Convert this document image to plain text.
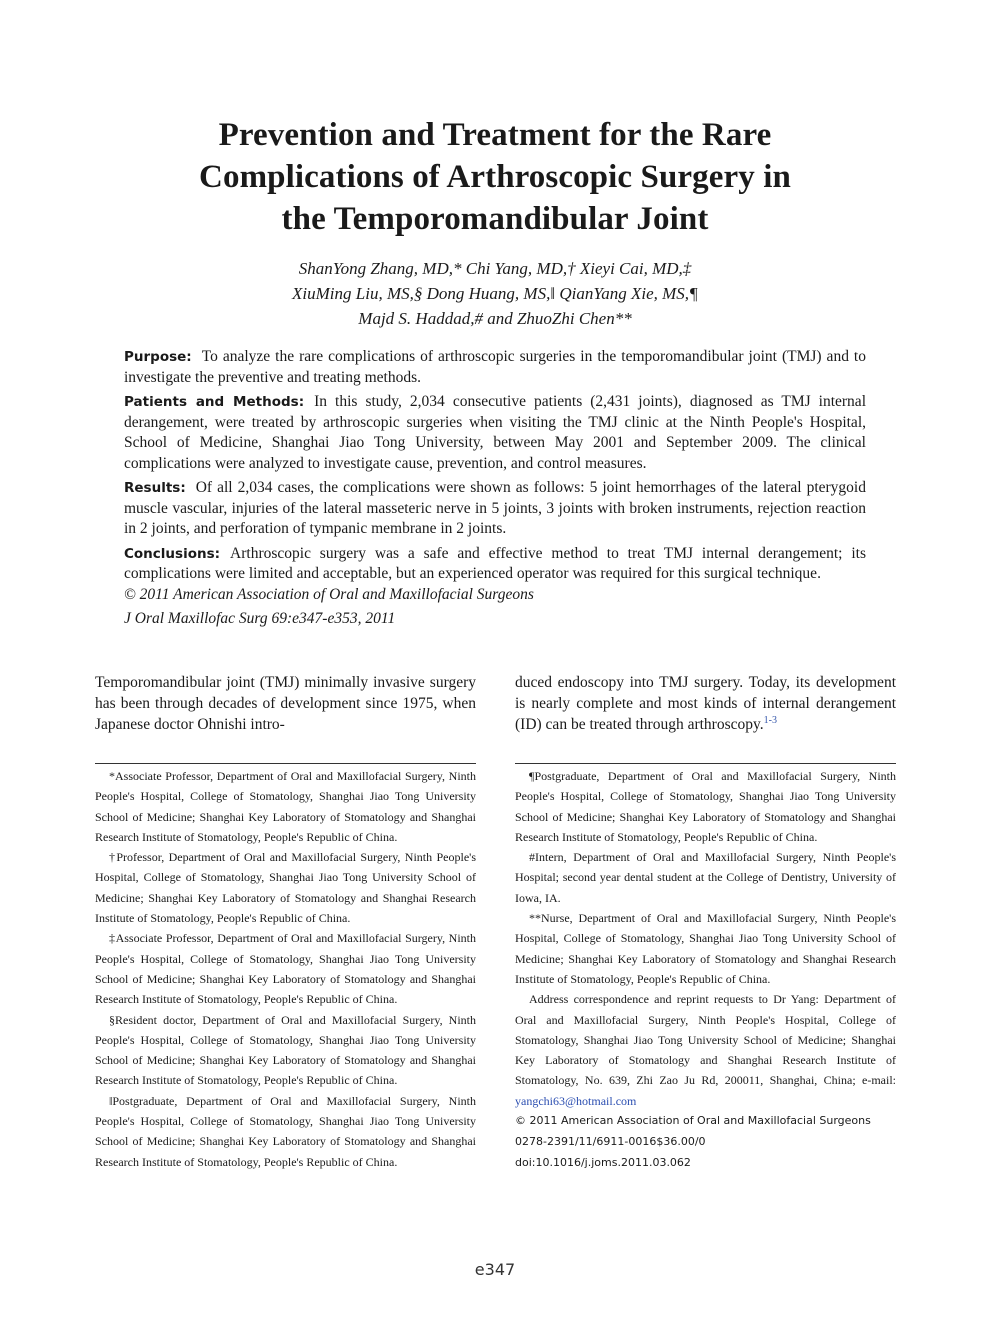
Prevention and Treatment for the Rare
Complications of Arthroscopic Surgery in
the Temporomandibular Joint
ShanYong Zhang, MD,* Chi Yang, MD,† Xieyi Cai, MD,‡
XiuMing Liu, MS,§ Dong Huang, MS,‖ QianYang Xie, MS,¶
Majd S. Haddad,# and ZhuoZhi Chen**

Purpose: To analyze the rare complications of arthroscopic surgeries in the temporomandibular joint (TMJ) and to investigate the preventive and treating methods.

Patients and Methods: In this study, 2,034 consecutive patients (2,431 joints), diagnosed as TMJ internal derangement, were treated by arthroscopic surgeries when visiting the TMJ clinic at the Ninth People's Hospital, School of Medicine, Shanghai Jiao Tong University, between May 2001 and September 2009. The clinical complications were analyzed to investigate cause, prevention, and control measures.

Results: Of all 2,034 cases, the complications were shown as follows: 5 joint hemorrhages of the lateral pterygoid muscle vascular, injuries of the lateral masseteric nerve in 5 joints, 3 joints with broken instruments, rejection reaction in 2 joints, and perforation of tympanic membrane in 2 joints.

Conclusions: Arthroscopic surgery was a safe and effective method to treat TMJ internal derangement; its complications were limited and acceptable, but an experienced operator was required for this surgical technique.

© 2011 American Association of Oral and Maxillofacial Surgeons

J Oral Maxillofac Surg 69:e347-e353, 2011

Temporomandibular joint (TMJ) minimally invasive surgery has been through decades of development since 1975, when Japanese doctor Ohnishi intro-

duced endoscopy into TMJ surgery. Today, its development is nearly complete and most kinds of internal derangement (ID) can be treated through arthroscopy.$^{1-3}$

*Associate Professor, Department of Oral and Maxillofacial Surgery, Ninth People's Hospital, College of Stomatology, Shanghai Jiao Tong University School of Medicine; Shanghai Key Laboratory of Stomatology and Shanghai Research Institute of Stomatology, People's Republic of China.

†Professor, Department of Oral and Maxillofacial Surgery, Ninth People's Hospital, College of Stomatology, Shanghai Jiao Tong University School of Medicine; Shanghai Key Laboratory of Stomatology and Shanghai Research Institute of Stomatology, People's Republic of China.

‡Associate Professor, Department of Oral and Maxillofacial Surgery, Ninth People's Hospital, College of Stomatology, Shanghai Jiao Tong University School of Medicine; Shanghai Key Laboratory of Stomatology and Shanghai Research Institute of Stomatology, People's Republic of China.

§Resident doctor, Department of Oral and Maxillofacial Surgery, Ninth People's Hospital, College of Stomatology, Shanghai Jiao Tong University School of Medicine; Shanghai Key Laboratory of Stomatology and Shanghai Research Institute of Stomatology, People's Republic of China.

‖Postgraduate, Department of Oral and Maxillofacial Surgery, Ninth People's Hospital, College of Stomatology, Shanghai Jiao Tong University School of Medicine; Shanghai Key Laboratory of Stomatology and Shanghai Research Institute of Stomatology, People's Republic of China.

¶Postgraduate, Department of Oral and Maxillofacial Surgery, Ninth People's Hospital, College of Stomatology, Shanghai Jiao Tong University School of Medicine; Shanghai Key Laboratory of Stomatology and Shanghai Research Institute of Stomatology, People's Republic of China.

#Intern, Department of Oral and Maxillofacial Surgery, Ninth People's Hospital; second year dental student at the College of Dentistry, University of Iowa, IA.

**Nurse, Department of Oral and Maxillofacial Surgery, Ninth People's Hospital, College of Stomatology, Shanghai Jiao Tong University School of Medicine; Shanghai Key Laboratory of Stomatology and Shanghai Research Institute of Stomatology, People's Republic of China.

Address correspondence and reprint requests to Dr Yang: Department of Oral and Maxillofacial Surgery, Ninth People's Hospital, College of Stomatology, Shanghai Jiao Tong University School of Medicine; Shanghai Key Laboratory of Stomatology and Shanghai Research Institute of Stomatology, No. 639, Zhi Zao Ju Rd, 200011, Shanghai, China; e-mail: yangchi63@hotmail.com

© 2011 American Association of Oral and Maxillofacial Surgeons

0278-2391/11/6911-0016$36.00/0

doi:10.1016/j.joms.2011.03.062

e347
